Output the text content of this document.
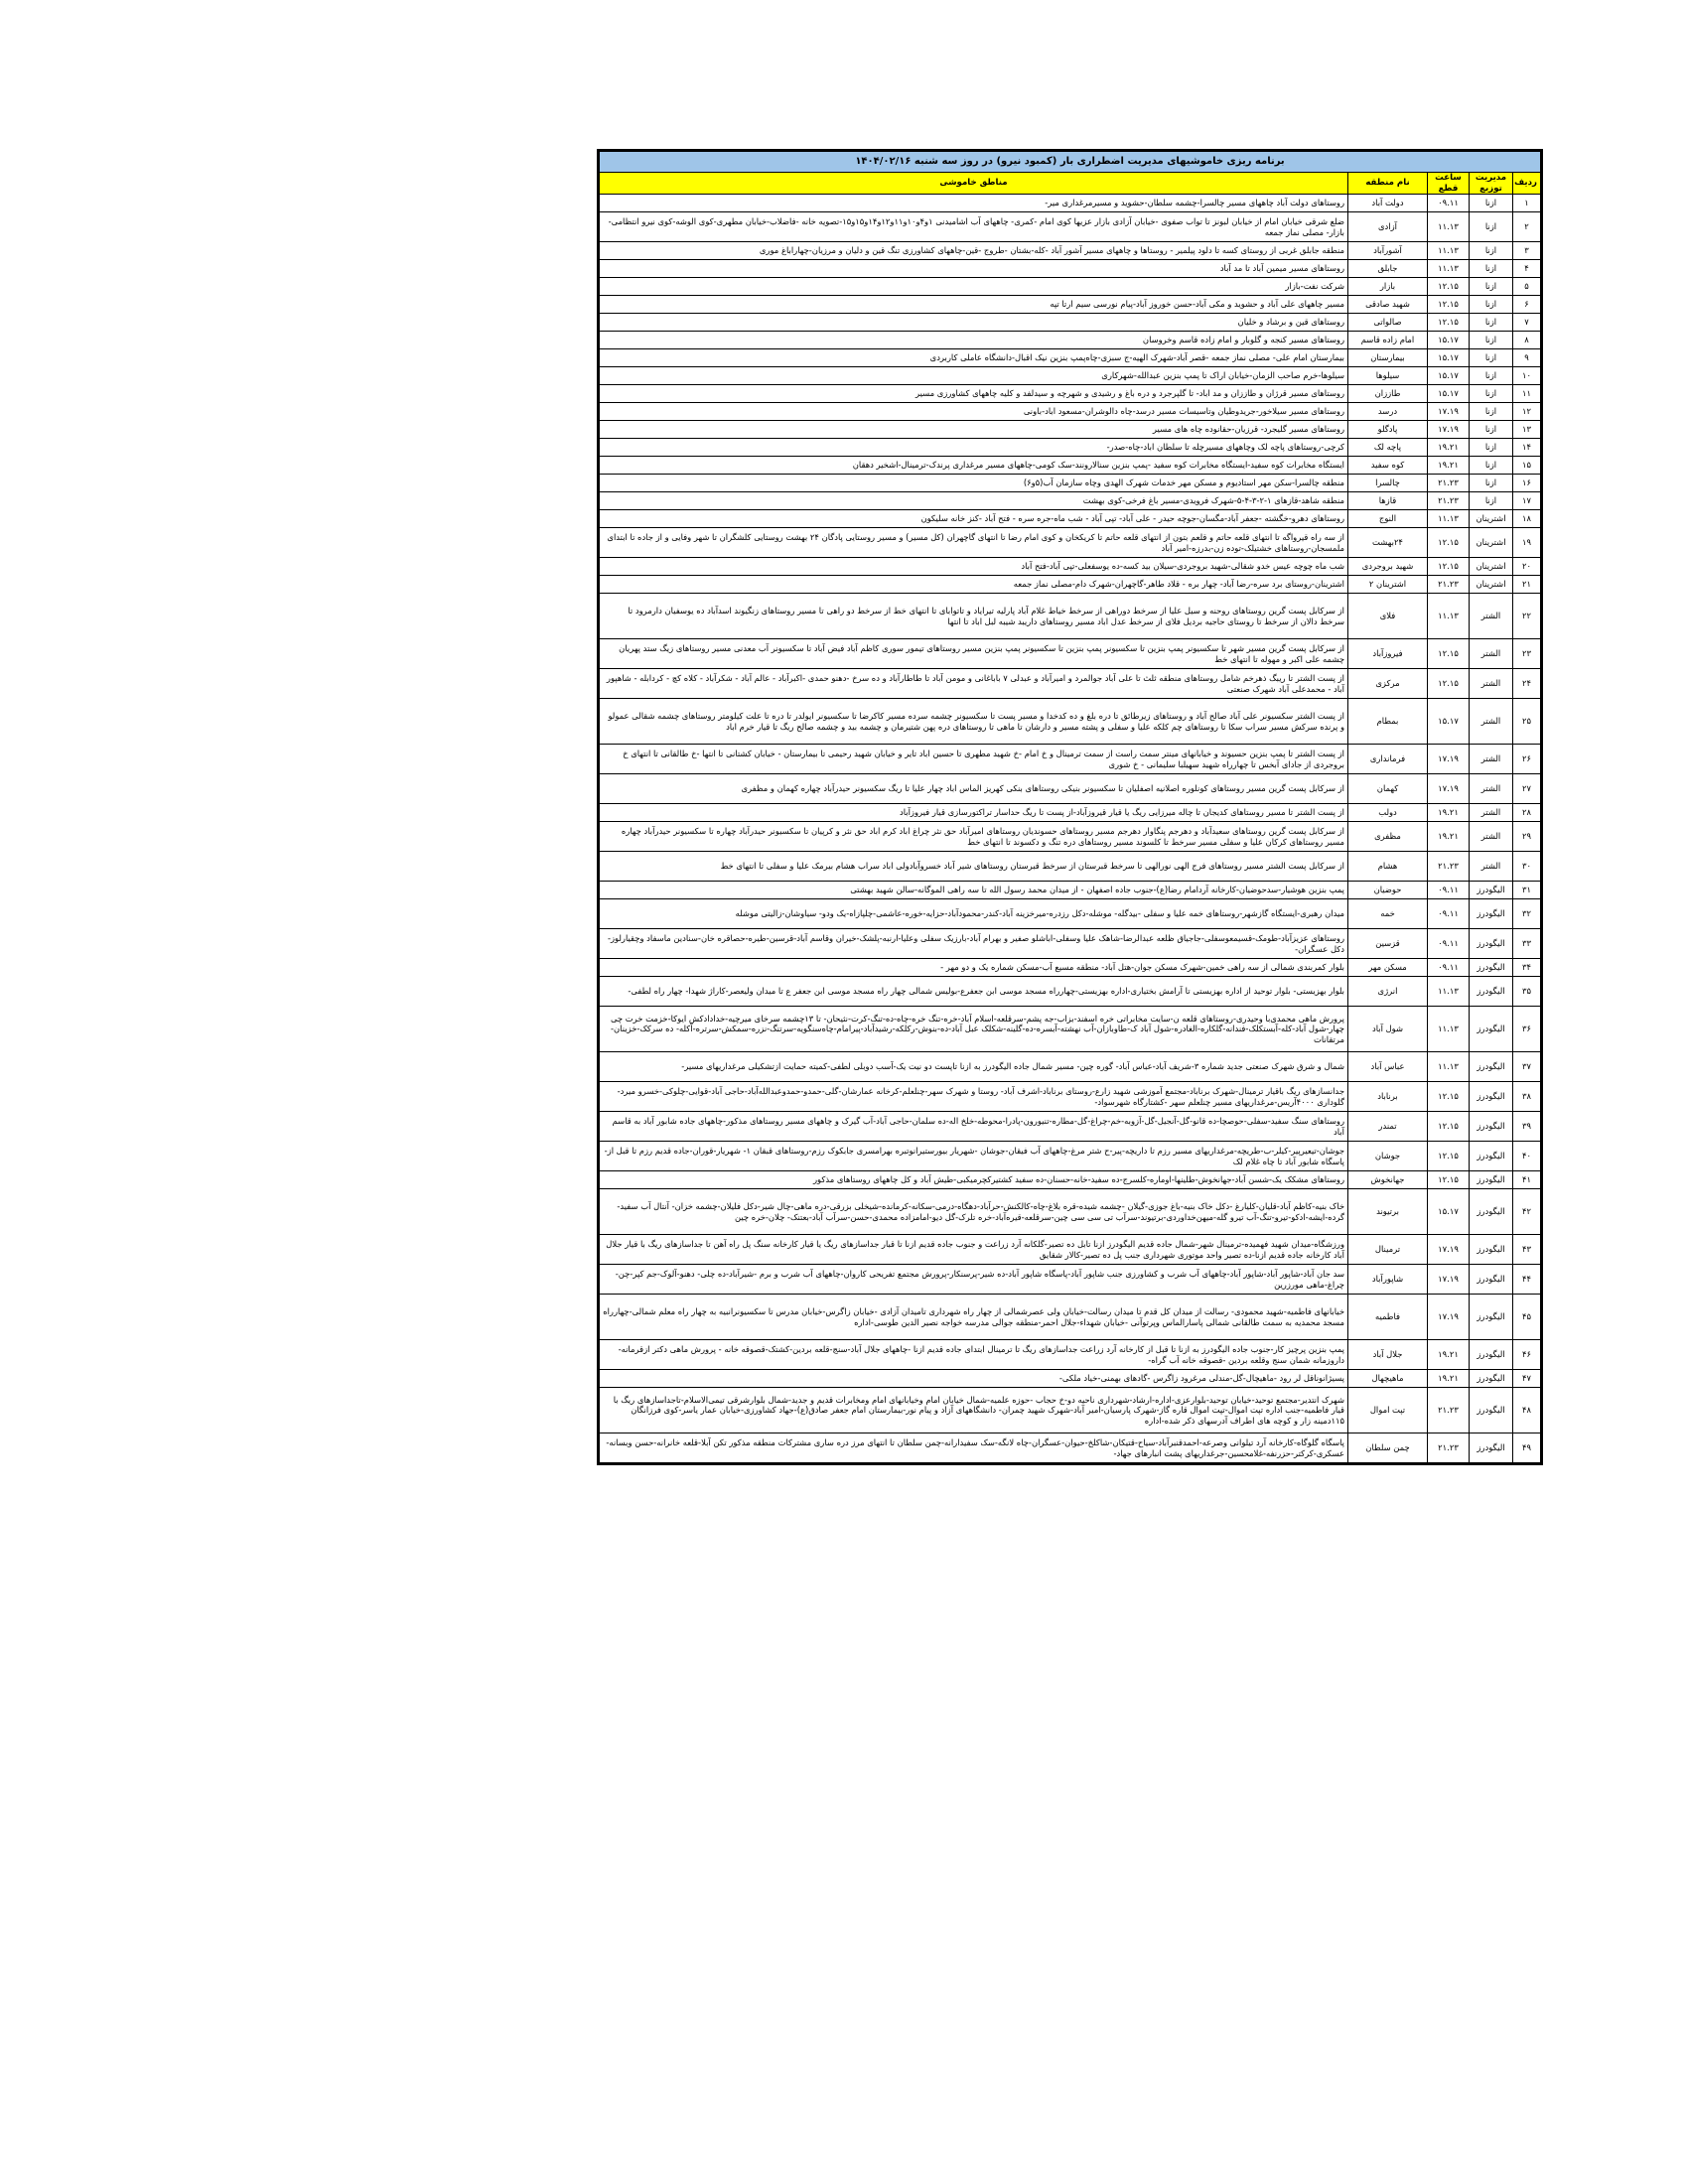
برنامه ریزی خاموشیهای مدیریت اضطراری بار (کمبود نیرو) در روز سه شنبه ۱۴۰۴/۰۲/۱۶				
ردیف	مدیریت توزیع	ساعت قطع	نام منطقه	مناطق خاموشی
۱	ازنا	۰۹.۱۱	دولت آباد	روستاهای دولت آباد چاههای مسیر چالسرا-چشمه سلطان-حشوید و مسیرمرغداری میر-
۲	ازنا	۱۱.۱۳	آزادی	ضلع شرقی خیابان امام از خیابان لبونز تا تواب صفوی -خیابان آزادی بازار عزیها کوی امام -کمری- چاههای آب اشامیدنی ۱و۴و۱۰و۱۱و۱۲و۱۴و۱۵و۱۵-تصویه خانه -فاضلاب-خیابان مطهری-کوی الوشه-کوی نیرو انتظامی-بازار- مصلی نماز جمعه
۳	ازنا	۱۱.۱۳	آشورآباد	منطقه جابلق غربی از روستای کسه تا دلود پیلمیر - روستاها و چاههای مسیر آشور آباد -کله-بشتان -طروج -قین-چاههای کشاورزی تنگ قین و دلیان و مرزیان-چهاراباغ موری
۴	ازنا	۱۱.۱۳	جابلق	روستاهای مسیر میمین آباد تا مد آباد
۵	ازنا	۱۲.۱۵	بازار	شرکت نفت-بازار
۶	ازنا	۱۲.۱۵	شهید صادقی	مسیر چاههای علی آباد و حشوید و مکی آباد-حسن خوروز آباد-پیام نورسی سیم ارتا تپه
۷	ازنا	۱۲.۱۵	صالواتی	روستاهای قین و برشاد و خلیان
۸	ازنا	۱۵.۱۷	امام زاده قاسم	روستاهای مسیر کنجه و گلوبار و امام زاده قاسم وخروسان
۹	ازنا	۱۵.۱۷	بیمارستان	بیمارستان امام علی- مصلی نماز جمعه -قصر آباد-شهرک الهیه-ج سبزی-چاه‌پمپ بنزین نیک اقبال-دانشگاه عاملی کاربردی
۱۰	ازنا	۱۵.۱۷	سیلوها	سیلوها-خرم صاحب الزمان-خیابان اراک تا پمپ بنزین عبدالله-شهرکاری
۱۱	ازنا	۱۵.۱۷	طاززان	روستاهای مسیر قرژان و طاززان و مد اباد- تا گلپرجرد و دره باغ و رشیدی و شهرچه و سیدلفد و کلیه چاههای کشاورزی مسیر
۱۲	ازنا	۱۷.۱۹	درسد	روستاهای مسیر سیلاخور-جریدوطیان وتاسیسات مسیر درسد-چاه دالوشران-مسعود اباد-باونی
۱۳	ازنا	۱۷.۱۹	پادگلو	روستاهای مسیر گلیجرد- قرزیان-حقانوده چاه های مسیر
۱۴	ازنا	۱۹.۲۱	پاچه لک	کرچی-روستاهای پاچه لک وچاههای مسیرچله تا سلطان اباد-چاه-صدر-
۱۵	ازنا	۱۹.۲۱	کوه سفید	ایستگاه مخابرات کوه سفید-ایستگاه مخابرات کوه سفید -پمپ بنزین سنالارونند-سک کومی-چاههای مسیر مرغداری پرندک-ترمینال-اشخیر دهقان
۱۶	ازنا	۲۱.۲۳	چالسرا	منطقه چالسرا-سکن مهر استادیوم و مسکن مهر خدمات شهرک الهدی وچاه سازمان آب(۵و۶)
۱۷	ازنا	۲۱.۲۳	قازها	منطقه شاهد-قازهای ۱-۲-۳-۴-۵-شهرک فرویدی-مسیر باغ فرخی-کوی بهشت
۱۸	اشترینان	۱۱.۱۳	النوج	روستاهای دهرو-خگشته -جعفر آباد-مگسان-جوچه حیدر - علی آباد- تپی آباد - شب ماه-جره سره - فتح آباد -کنز خانه سلیکون
۱۹	اشترینان	۱۲.۱۵	۲۴بهشت	از سه راه قیرواگه تا انتهای قلعه حاتم و قلعم بتون از انتهای قلعه حاتم تا کریکخان و کوی امام رضا تا انتهای گاچهران (کل مسیر) و مسیر روستایی پادگان ۲۴ بهشت روستایی کلشگران تا شهر وفایی و از جاده تا ابتدای ملمسجان-روستاهای خشتیلک-توده زن-بدرزه-امیر آباد
۲۰	اشترینان	۱۲.۱۵	شهید بروجردی	شب ماه چوچه عیس خدو شقالی-شهید بروجردی-سیلان بید کسه-ده یوسفعلی-تپی آباد-فتح آباد
۲۱	اشترینان	۲۱.۲۳	اشترینان ۲	اشترینان-روستای برد سره-رضا آباد- چهار بره - قلاد طاهر-گاچهران-شهرک دام-مصلی نماز جمعه
۲۲	الشتر	۱۱.۱۳	فلای	از سرکابل پست گرین روستاهای روحنه و سیل علیا از سرخط دوراهی از سرخط خیاط غلام آباد پارلیه تیرایاد و تاتوابای تا انتهای خط از سرخط دو راهی تا مسیر روستاهای زنگیوند اسدآباد ده یوسفیان دارمرود تا سرخط دالان از سرخط تا روستای حاجیه بردیل فلای از سرخط عدل اباد مسیر روستاهای داریبد شیبه لبل اباد تا انتها
۲۳	الشتر	۱۲.۱۵	فیروزآباد	از سرکابل پست گرین مسیر شهر تا سکسیونر پمپ بنزین تا سکسیونر پمپ بنزین تا سکسیونر پمپ بنزین مسیر روستاهای تیمور سوری کاظم آباد فیض آباد تا سکسیونر آب معدنی مسیر روستاهای زیگ ستد پهریان چشمه علی اکبر و مهوله تا انتهای خط
۲۴	الشتر	۱۲.۱۵	مرکزی	از پست الشتر تا ریبگ ذهرخم شامل روستاهای منطقه ثلث تا علی آباد جوالمرد و امیرآباد و عبدلی ۷ باباغانی و مومن آباد تا طاطارآباد و ده سرخ -دهنو حمدی -اکبرآباد - عالم آباد - شکرآباد - کلاه کچ - کردابله - شاهپور آباد - محمدعلی آباد شهرک صنعتی
۲۵	الشتر	۱۵.۱۷	بمطام	از پست الشتر سکسیونر علی آباد صالح آباد و روستاهای زیرطائق تا دره بلغ و ده کدخدا و مسیر پست تا سکسیونر چشمه سرده مسیر کاکرضا تا سکسیونر ایولدر تا دره تا علت کیلومتر روستاهای چشمه شقالی عمولو و پرنده سرکش مسیر سراب سکا تا روستاهای چم کلکه علیا و سفلی و پشته مسیر و دارشان تا ماهی تا روستاهای دره پهن شتیرمان و چشمه بید و چشمه صالح ریگ تا قیار خرم اباد
۲۶	الشتر	۱۷.۱۹	فرمانداری	از پست الشتر تا پمپ بنزین حسیوند و خیابانهای مینتر سمت راست از سمت ترمینال و خ امام -خ شهید مطهری تا حسین اباد تایر و خیابان شهید رحیمی تا بیمارستان - خیابان کشتانی تا انتها -خ طالقانی تا انتهای خ بروجردی از جادای آبخس تا چهارراه شهید سهیلبا سلیمانی - خ شوری
۲۷	الشتر	۱۷.۱۹	کهمان	از سرکابل پست گرین مسیر روستاهای کونلوره اصلانیه اصفلیان تا سکسیونر بنیکی روستاهای بنکی کهریز الماس اباد چهار علیا تا ریگ سکسیونر حیدرآباد چهاره کهمان و مظفری
۲۸	الشتر	۱۹.۲۱	دولب	از پست الشتر تا مسیر روستاهای کدیجان تا چاله میرزایی ریگ یا قیار قیروزآباد-از پست تا ریگ حداسار تراکتورسازی قیار فیروزآباد
۲۹	الشتر	۱۹.۲۱	مظفری	از سرکابل پست گرین روستاهای سعیدآباد و دهرجم پنگاوار دهرجم مسیر روستاهای حسوندیان روستاهای امیرآباد حق نثر چراغ اباد کرم اباد حق نثر و کرپیان تا سکسیونر حیدرآباد چهاره تا سکسیونر حیدرآباد چهاره مسیر روستاهای کرکان علیا و سفلی مسیر سرخط تا کلسوند مسیر روستاهای دره تنگ و دکسوند تا انتهای خط
۳۰	الشتر	۲۱.۲۳	هشام	از سرکابل پست الشتر مسیر روستاهای فرج الهی نورالهی تا سرخط قبرستان از سرخط قبرستان روستاهای شیر آباد خسروآبادولی اباد سراب هشام بیرمک علیا و سفلی تا انتهای خط
۳۱	الیگودرز	۰۹.۱۱	حوضیان	پمپ بنزین هوشیار-سدحوضیان-کارخانه آردامام رضا(ع)-جنوب جاده اصفهان - از میدان محمد رسول الله تا سه راهی الموگانه-سالن شهید بهشتی
۳۲	الیگودرز	۰۹.۱۱	خمه	میدان رهبری-ایستگاه گازشهر-روستاهای خمه علیا و سفلی -بیدگله- موشله-دکل رزدره-میرخزینه آباد-کندر-محمودآباد-حزایه-خوره-عاشمی-چلپازاه-یک ودو- سیاوشان-زالیتی موشله
۳۳	الیگودرز	۰۹.۱۱	قزسین	روستاهای عزیزآباد-طومک-قسیمعوسفلی-جاجیاق ظلعه عبدالرضا-شاهک علیا وسفلی-اباشلو صفیر و بهرام آباد-بارزیک سفلی وعلیا-ارنبه-پلشک-خیران وقاسم آباد-قرسین-طیره-حصاقره خان-سنادین ماسفاد وچقیارلوز-دکل عسگران-
۳۴	الیگودرز	۰۹.۱۱	مسکن مهر	بلوار کمربندی شمالی از سه راهی خمین-شهرک مسکن جوان-هتل آباد- منطقه مسیع آب-مسکن شماره یک و دو مهر -
۳۵	الیگودرز	۱۱.۱۳	انرژی	بلوار بهزیستی- بلوار توحید از اداره بهزیستی تا آرامش بختیاری-اداره بهزیستی-چهارراه مسجد موسی ابن جعفرع-بولیس شمالی چهار راه مسجد موسی ابن جعفر ع تا میدان ولیعصر-کاراژ شهدا- چهار راه لطفی-
۳۶	الیگودرز	۱۱.۱۳	شول آباد	پرورش ماهی محمدی‌با وحیدری-روستاهای قلعه ن-سایت مخابراتی خره اسفند-بزاب-جه پشم-سرقلعه-اسلام آباد-خره-تنگ خره-چاه-ده-تنگ-کرت-نثیحان- تا ۱۳چشمه سرخای میرچیه-خدادادکش ایوکا-خزمت خرت چی چهار-شول آباد-کله-آبستکلک-فندانه-گلکاره-الغادره-شول آباد ک-طاوبازان-آب نهشته-آبسره-ده-گلینه-شکلک عبل آباد-ده-بنوش-رکلکه-رشیدآباد-پیرامام-چاه‌سنگویه-سرتنگ-نزره-سمکش-سرتره-آکله- ده سرکک-خزینان-مرتقانات
۳۷	الیگودرز	۱۱.۱۳	عباس آباد	شمال و شرق شهرک صنعتی جدید شماره ۳-شریف آباد-عباس آباد- گوره چین- مسیر شمال جاده الیگودرز به ازنا تاپست دو نیت یک-آسب دوبلی لطفی-کمیته حمایت ازتشکیلی مرغداریهای مسیر-
۳۸	الیگودرز	۱۲.۱۵	برناباد	جدانسازهای ریگ باقیار ترمینال-شهرک برناباد-مجتمع آموزشی شهید زارع-روستای برناباد-اشرف آباد- روستا و شهرک سهر-چنلعلم-کرخانه عمارشان-گلی-حمدو-حمدوعبدالله‌آباد-حاجی آباد-قوایی-چلوکی-خسرو میرد-گلوداری ۴۰۰۰آریس-مرغداریهای مسیر چنلعلم سهر -کشتارگاه شهرسواد-
۳۹	الیگودرز	۱۲.۱۵	تمندر	روستاهای سنگ سفید-سفلی-حوصچا-ده قانو-گل-آنجیل-گل-آزوبه-خم-چراغ-گل-مطاره-تنیورون-پادرا-محوطه-خلخ اله-ده سلمان-حاجی آباد-آب گیرک و چاههای مسیر روستاهای مذکور-چاههای جاده شابور آباد به قاسم آباد
۴۰	الیگودرز	۱۲.۱۵	جوشان	جوشان-تیعیرپیر-کیلر-ب-طریچه-مرغداریهای مسیر رزم تا داریچه-پیر-ح شتر مرغ-چاههای آب فیقان-جوشان -شهریار بیورستیرانوتبره بهرامسری جابکوک رزم-روستاهای قبقان ۱- شهریار-قوران-جاده قدیم رزم تا قبل از- پاسگاه شابور آباد تا چاه غلام لک
۴۱	الیگودرز	۱۲.۱۵	جهانخوش	روستاهای مشکک یک-شسن آباد-جهانخوش-طلینها-اوماره-کلسرج-ده سفید-خانه-حسنان-ده سفید کشتیرکچرمیکبی-طیش آباد و کل چاههای روستاهای مذکور
۴۲	الیگودرز	۱۵.۱۷	برتیوند	خاک بنیه-کاظم آباد-قلیان-کلیارغ -دکل خاک بنیه-باغ جوزی-گیلان -چشمه شیده-قره بلاغ-چاه-کالکنش-حرآباد-دهگاه-درمی-سکانه-کرمانده-شیخلی بزرقی-دره ماهی-چال شیر-دکل فلیلان-چشمه خزان- آنتال آب سفید-گرده-ایشه-ادکو-تیرو-تنگ-آب تیرو گله-میهن‌خداوردی-برتیوند-سرآب تی سی سی چین-سرقلعه-قیره‌آباد-خره تلرک-گل دیو-امامزاده محمدی-حسن-سرآب آباد-بعتنک- چلان-خره چین
۴۳	الیگودرز	۱۷.۱۹	ترمینال	ورزشگاه-میدان شهید فهمیده-ترمینال شهر-شمال جاده قدیم الیگودرز ازنا تابل ده تصیر-گلکانه آرد زراعت و جنوب جاده قدیم ازنا تا قبار جداسازهای ریگ یا قیار کارخانه سنگ پل راه آهن تا جداسازهای ریگ با قیار جلال آباد کارخانه جاده قدیم ازنا-ده تصیر واحد موتوری شهرداری جنب پل ده تصیر-کالار شقایق
۴۴	الیگودرز	۱۷.۱۹	شاپورآباد	سد جان آباد-شاپور آباد-شاپور آباد-چاههای آب شرب و کشاورزی جنب شاپور آباد-پاسگاه شاپور آباد-ده شیر-پرسنکار-پرورش مجتمع تفریحی کاروان-چاههای آب شرب و برم -شیرآباد-ده چلی- دهنو-آلوک-جم کپر-چن-چراغ-ماهی مورزرین
۴۵	الیگودرز	۱۷.۱۹	فاطمیه	خیابانهای فاطمیه-شهید محمودی- رسالت از میدان کل قدم تا میدان رسالت-خیابان ولی عصرشمالی از چهار راه شهرداری تامیدان آزادی -خیابان زاگرس-خیابان مدرس تا سکسیونرانبیه به چهار راه معلم شمالی-چهارراه مسجد محمدیه به سمت طالقانی شمالی پاسارالماس وپرتوآنی -خیابان شهداء-جلال احمر-منطقه جوالی مدرسه خواجه نصیر الدین طوسی-اداره
۴۶	الیگودرز	۱۹.۲۱	جلال آباد	پمپ بنزین پرچیز کار-جنوب جاده الیگودرز به ازنا تا قبل از کارخانه آرد زراعت جداسازهای ریگ تا ترمینال ابتدای جاده قدیم ازنا -چاههای جلال آباد-سنج-قلعه بردین-کشتک-قصوقه خانه - پرورش ماهی دکتر ازقرمانه-داروزمانه شمان سنج وقلعه بردین -قصوقه خانه آب گراه-
۴۷	الیگودرز	۱۹.۲۱	ماهیچهال	پسیژانوناقل لر رود -ماهیچال-گل-مندلی مرغرود زاگرس -گادهای بهمنی-خیاد ملکی-
۴۸	الیگودرز	۲۱.۲۳	تپت اموال	شهرک انتدیر-مجتمع توحید-خیابان توحید-بلوارعزی-اداره-ارشاد-شهرداری ناحیه دو-خ حجاب -حوزه علمیه-شمال خیابان امام وخیابانهای امام ومخابرات قدیم و جدید-شمال بلوارشرقی تیمی‌الاسلام-تاجداسازهای ریگ با قیار فاطمیه-جنب اداره تپت اموال-تپت اموال قاره گاز-شهرک پارسیان-امیر آباد-شهرک شهید چمران- دانشگاههای آزاد و پیام نور-بیمارستان امام جعفر صادق(ع)-جهاد کشاورزی-خیابان عمار یاسر-کوی فرزانگان ۱۱۵دمینه زار و کوچه های اطراف آدرسهای ذکر شده-اداره
۴۹	الیگودرز	۲۱.۲۳	چمن سلطان	پاسگاه گلوگاه-کارخانه آرد تیلوانی وصرعه-احمدقنبرآباد-سیاح-قتیکان-شاکلخ-حیوان-عسگران-چاه لانگه-سک سفیدارانه-چمن سلطان تا انتهای مرز دره ساری مشترکات منطقه مذکور تکن آبلا-قلعه خانرانه-حسن وبسانه-عسکری-کرکتر-حزرنفه-غلامحسین-جرغداریهای پشت انبارهای جهاد-
